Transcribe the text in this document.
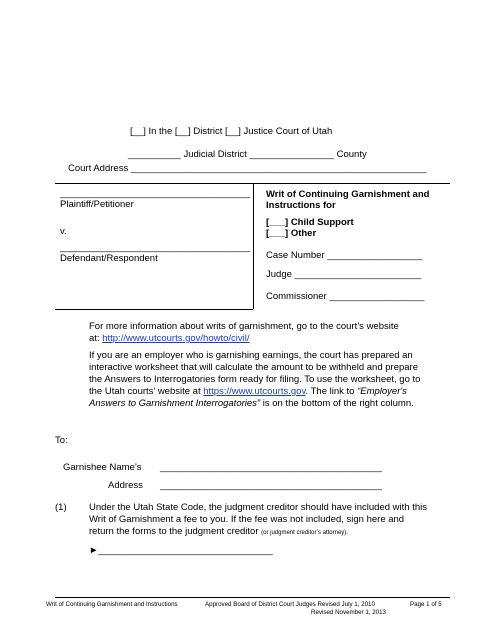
[__] In the [__] District [__] Justice Court of Utah
__________ Judicial District ________________ County
Court Address ________________________________________________________
____________________________________
Plaintiff/Petitioner
v.
____________________________________
Defendant/Respondent
Writ of Continuing Garnishment and
Instructions for
[___] Child Support
[___] Other
Case Number __________________
Judge ________________________
Commissioner __________________
For more information about writs of garnishment, go to the court’s website
at: http://www.utcourts.gov/howto/civil/
If you are an employer who is garnishing earnings, the court has prepared an
interactive worksheet that will calculate the amount to be withheld and prepare
the Answers to Interrogatories form ready for filing. To use the worksheet, go to
the Utah courts’ website at https://www.utcourts.gov. The link to “Employer's
Answers to Garnishment Interrogatories” is on the bottom of the right column.
To:
Garnishee Name’s __________________________________________
Address __________________________________________
(1) Under the Utah State Code, the judgment creditor should have included with this
Writ of Garnishment a fee to you. If the fee was not included, sign here and
return the forms to the judgment creditor (or judgment creditor’s attorney).
►_________________________________
Writ of Continuing Garnishment and Instructions	Approved Board of District Court Judges Revised July 1, 2010
Revised November 1, 2013
Page 1 of 5
